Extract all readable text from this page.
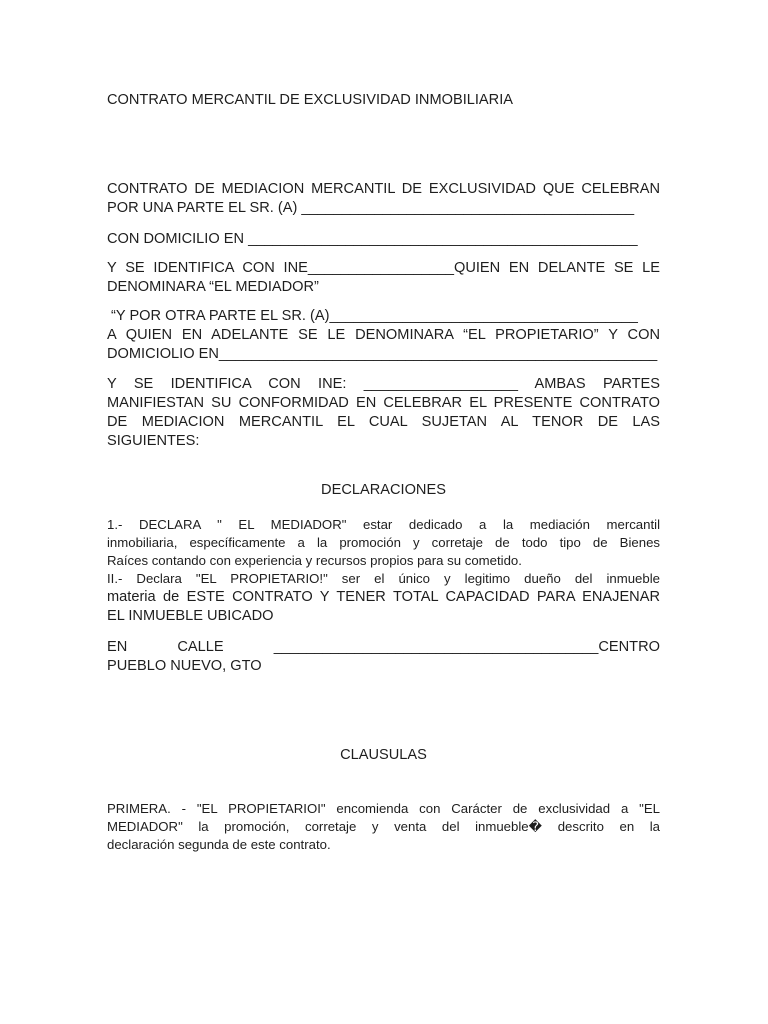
CONTRATO MERCANTIL DE EXCLUSIVIDAD INMOBILIARIA

CONTRATO DE MEDIACION MERCANTIL DE EXCLUSIVIDAD QUE CELEBRAN
POR UNA PARTE EL SR. (A) _________________________________________

CON DOMICILIO EN ________________________________________________

Y SE IDENTIFICA CON INE__________________QUIEN EN DELANTE SE LE
DENOMINARA “EL MEDIADOR”
“Y POR OTRA PARTE EL SR. (A)______________________________________
A QUIEN EN ADELANTE SE LE DENOMINARA “EL PROPIETARIO” Y CON
DOMICIOLIO EN______________________________________________________
Y SE IDENTIFICA CON INE: ___________________ AMBAS PARTES
MANIFIESTAN SU CONFORMIDAD EN CELEBRAR EL PRESENTE CONTRATO
DE MEDIACION MERCANTIL EL CUAL SUJETAN AL TENOR DE LAS
SIGUIENTES:

DECLARACIONES

1.- DECLARA " EL MEDIADOR" estar dedicado a la mediación mercantil
inmobiliaria, específicamente a la promoción y corretaje de todo tipo de Bienes
Raíces contando con experiencia y recursos propios para su cometido.
II.- Declara "EL PROPIETARIO!" ser el único y legitimo dueño del inmueble
materia de ESTE CONTRATO Y TENER TOTAL CAPACIDAD PARA ENAJENAR
EL INMUEBLE UBICADO
EN CALLE ________________________________________CENTRO
PUEBLO NUEVO, GTO

CLAUSULAS

PRIMERA. - "EL PROPIETARIOI" encomienda con Carácter de exclusividad a "EL
MEDIADOR" la promoción, corretaje y venta del inmueble� descrito en la
declaración segunda de este contrato.
